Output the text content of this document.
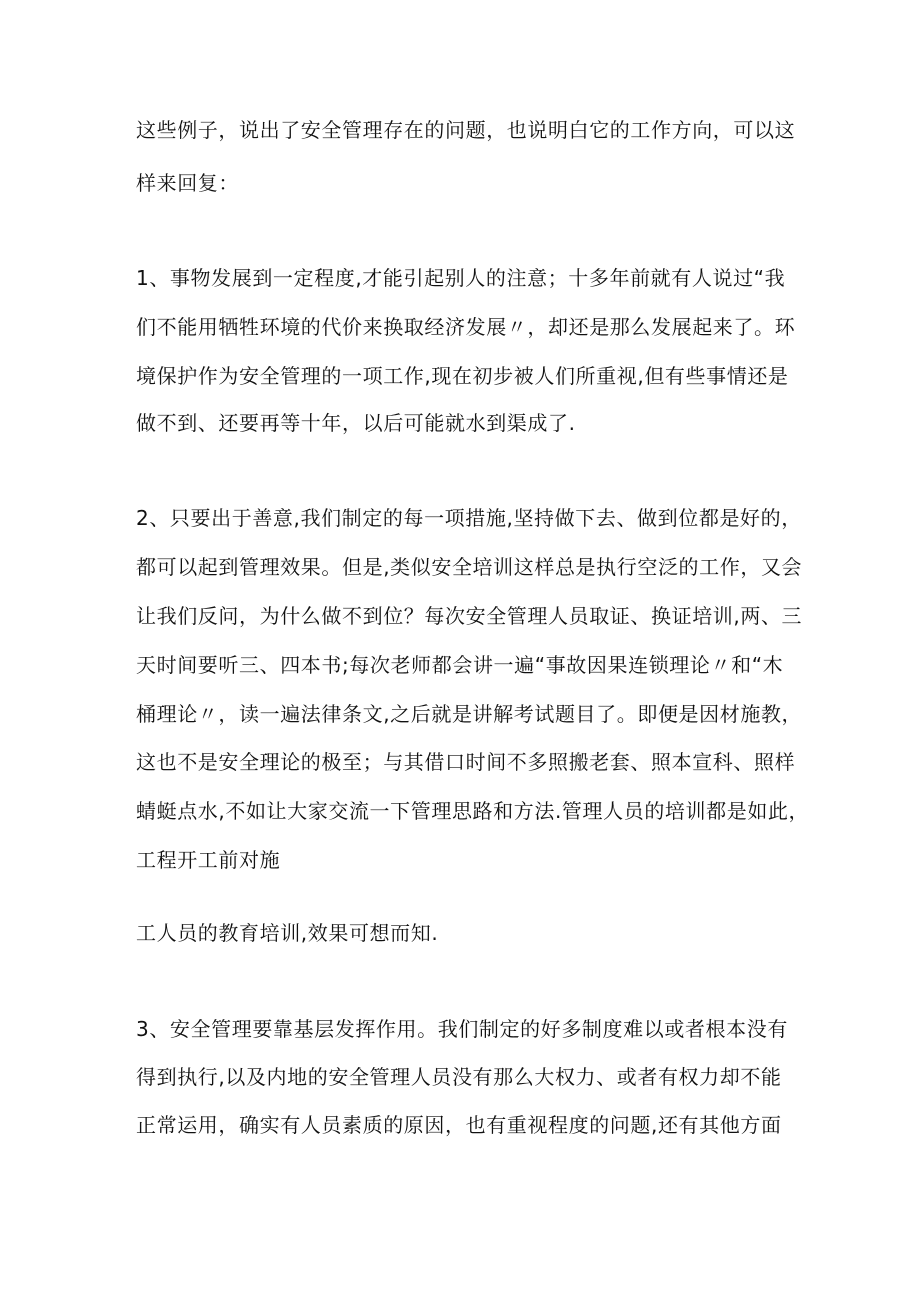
这些例子，说出了安全管理存在的问题，也说明白它的工作方向，可以这
样来回复：
1、事物发展到一定程度,才能引起别人的注意；十多年前就有人说过“我
们不能用牺牲环境的代价来换取经济发展〃，却还是那么发展起来了。环
境保护作为安全管理的一项工作,现在初步被人们所重视,但有些事情还是
做不到、还要再等十年，以后可能就水到渠成了.
2、只要出于善意,我们制定的每一项措施,坚持做下去、做到位都是好的，
都可以起到管理效果。但是,类似安全培训这样总是执行空泛的工作，又会
让我们反问，为什么做不到位？每次安全管理人员取证、换证培训,两、三
天时间要听三、四本书;每次老师都会讲一遍“事故因果连锁理论〃和“木
桶理论〃，读一遍法律条文,之后就是讲解考试题目了。即便是因材施教，
这也不是安全理论的极至；与其借口时间不多照搬老套、照本宣科、照样
蜻蜓点水,不如让大家交流一下管理思路和方法.管理人员的培训都是如此，
工程开工前对施
工人员的教育培训,效果可想而知.
3、安全管理要靠基层发挥作用。我们制定的好多制度难以或者根本没有
得到执行,以及内地的安全管理人员没有那么大权力、或者有权力却不能
正常运用，确实有人员素质的原因，也有重视程度的问题,还有其他方面
